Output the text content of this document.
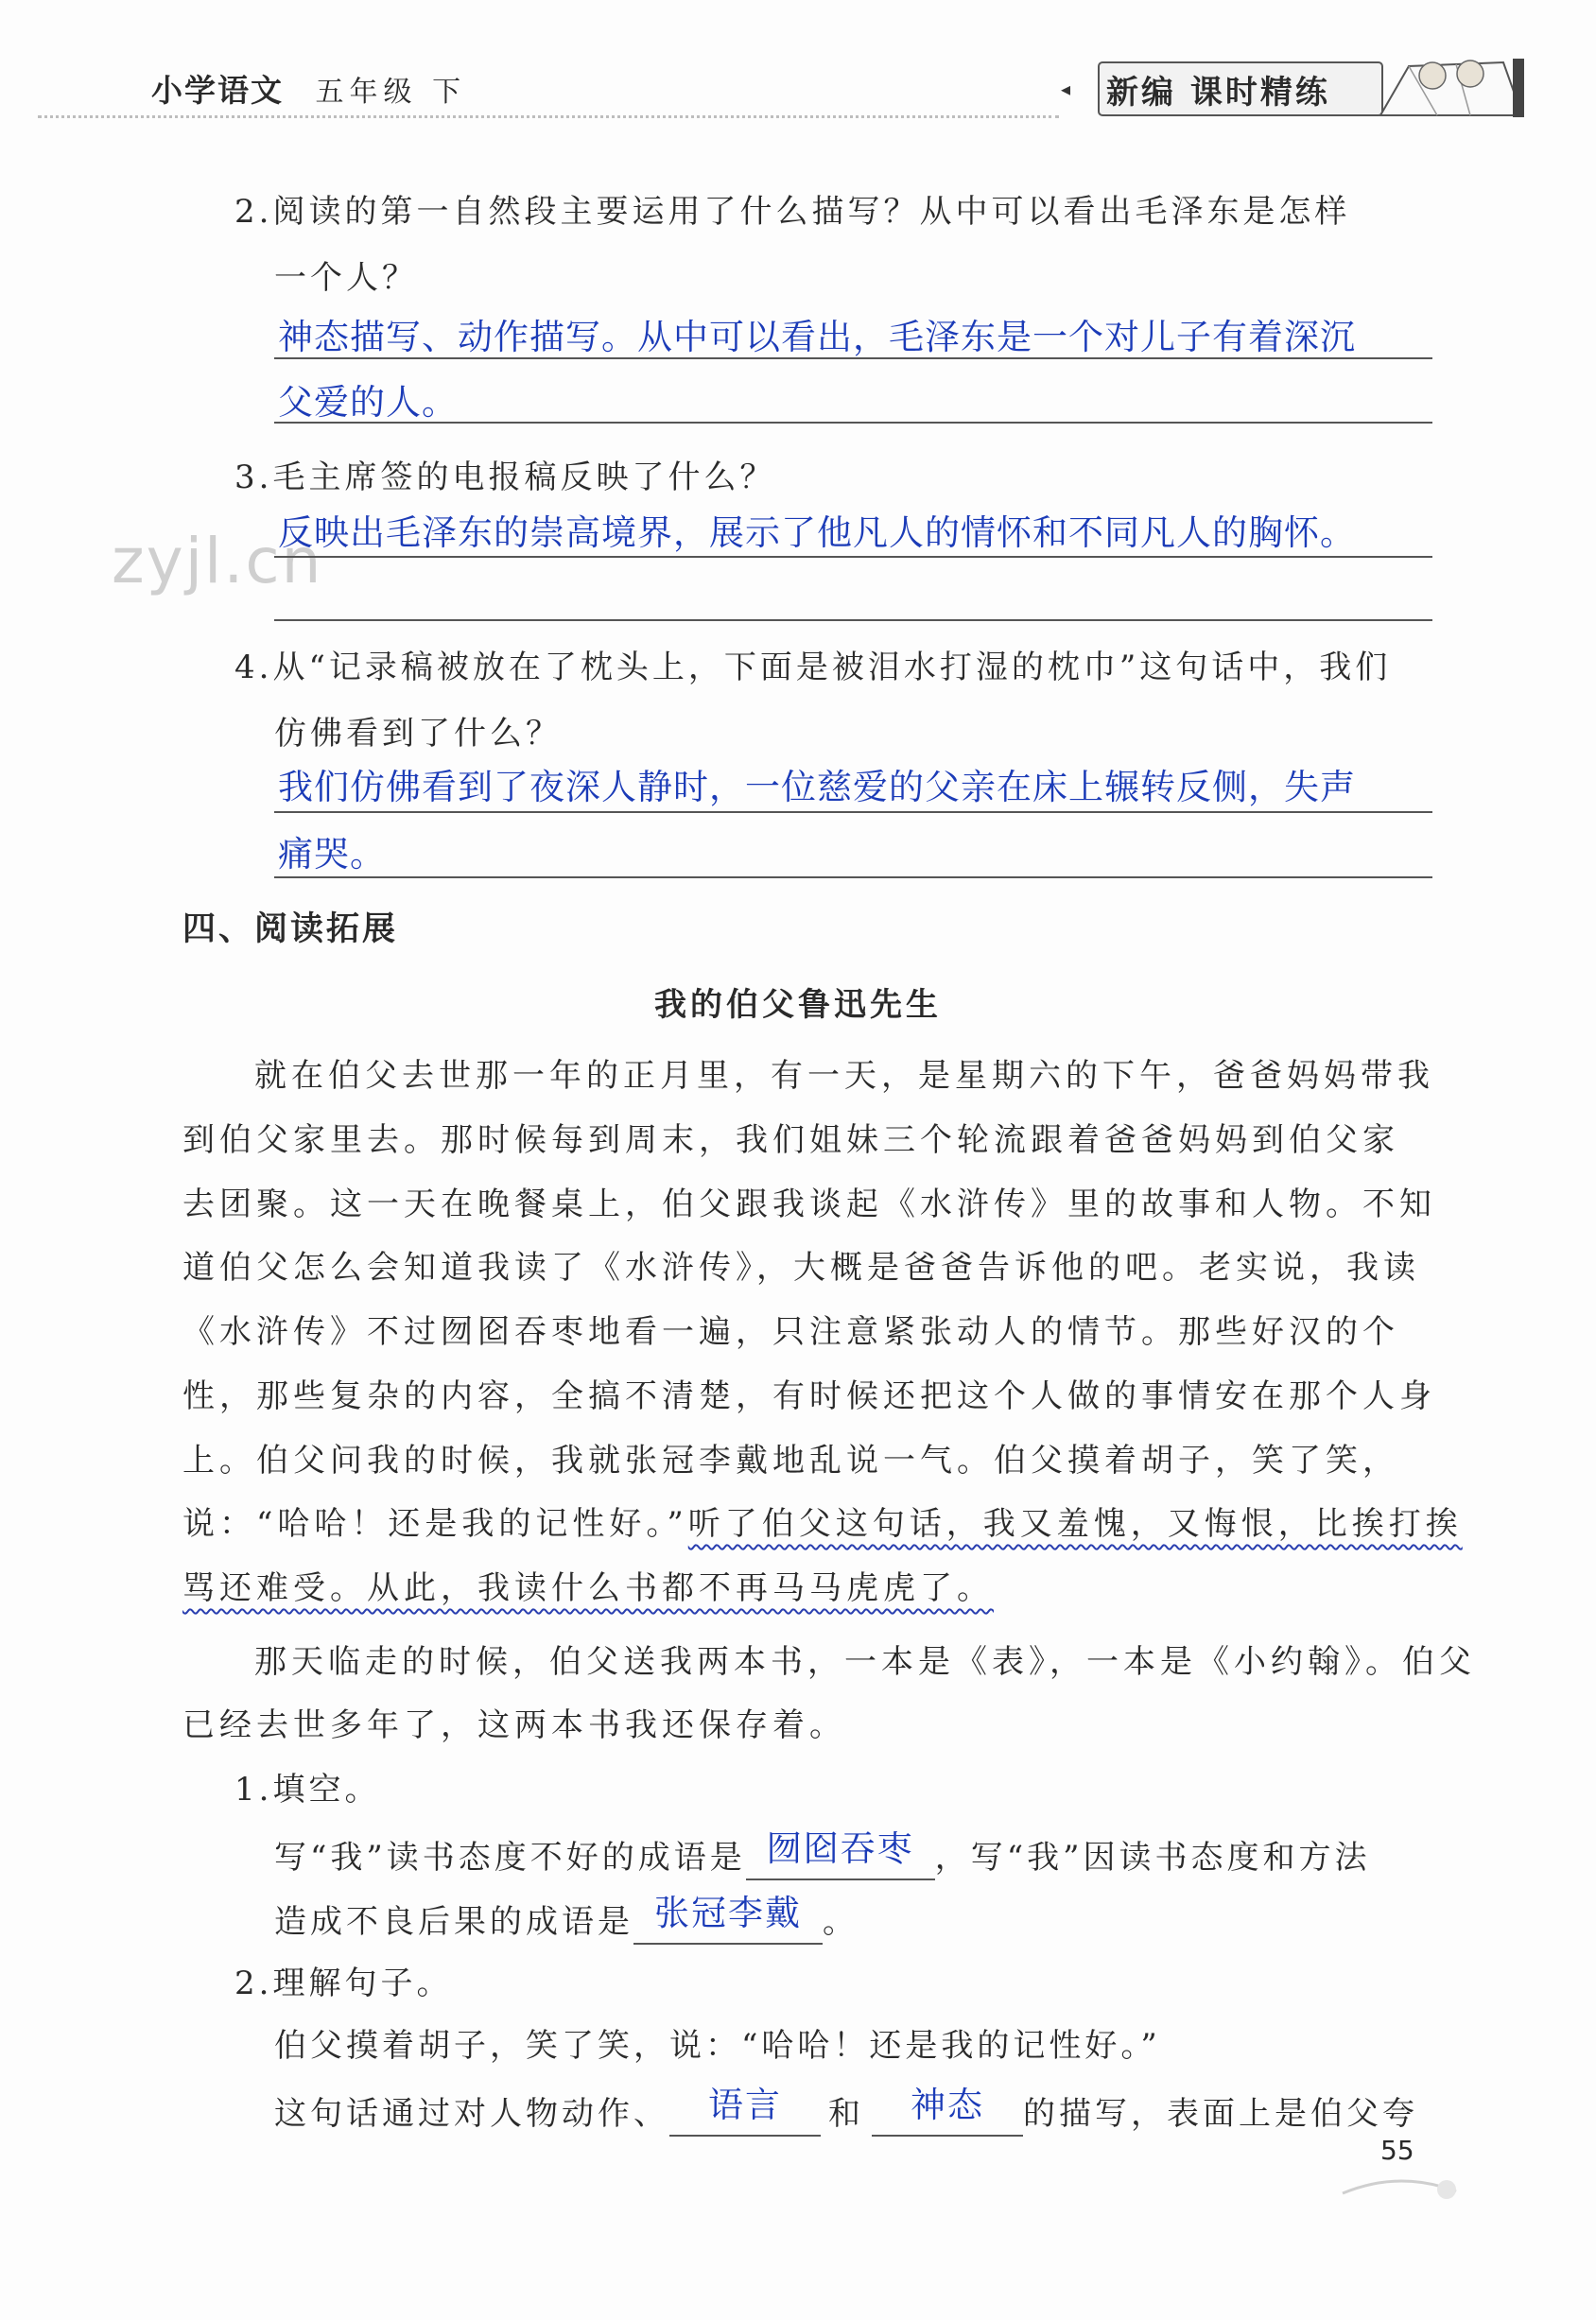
小学语文 五年级 下	◂ 新编 课时精练
zyjl.cn
2.阅读的第一自然段主要运用了什么描写？从中可以看出毛泽东是怎样
一个人？
神态描写、动作描写。从中可以看出，毛泽东是一个对儿子有着深沉
父爱的人。
3.毛主席签的电报稿反映了什么？
反映出毛泽东的崇高境界，展示了他凡人的情怀和不同凡人的胸怀。
4.从“记录稿被放在了枕头上，下面是被泪水打湿的枕巾”这句话中，我们
仿佛看到了什么？
我们仿佛看到了夜深人静时，一位慈爱的父亲在床上辗转反侧，失声
痛哭。
四、阅读拓展
我的伯父鲁迅先生
就在伯父去世那一年的正月里，有一天，是星期六的下午，爸爸妈妈带我
到伯父家里去。那时候每到周末，我们姐妹三个轮流跟着爸爸妈妈到伯父家
去团聚。这一天在晚餐桌上，伯父跟我谈起《水浒传》里的故事和人物。不知
道伯父怎么会知道我读了《水浒传》，大概是爸爸告诉他的吧。老实说，我读
《水浒传》不过囫囵吞枣地看一遍，只注意紧张动人的情节。那些好汉的个
性，那些复杂的内容，全搞不清楚，有时候还把这个人做的事情安在那个人身
上。伯父问我的时候，我就张冠李戴地乱说一气。伯父摸着胡子，笑了笑，
说：“哈哈！还是我的记性好。”听了伯父这句话，我又羞愧，又悔恨，比挨打挨
骂还难受。从此，我读什么书都不再马马虎虎了。
那天临走的时候，伯父送我两本书，一本是《表》，一本是《小约翰》。伯父
已经去世多年了，这两本书我还保存着。
1.填空。
写“我”读书态度不好的成语是 囫囵吞枣 ，写“我”因读书态度和方法
造成不良后果的成语是 张冠李戴 。
2.理解句子。
伯父摸着胡子，笑了笑，说：“哈哈！还是我的记性好。”
这句话通过对人物动作、 语言 和 神态 的描写，表面上是伯父夸
55
